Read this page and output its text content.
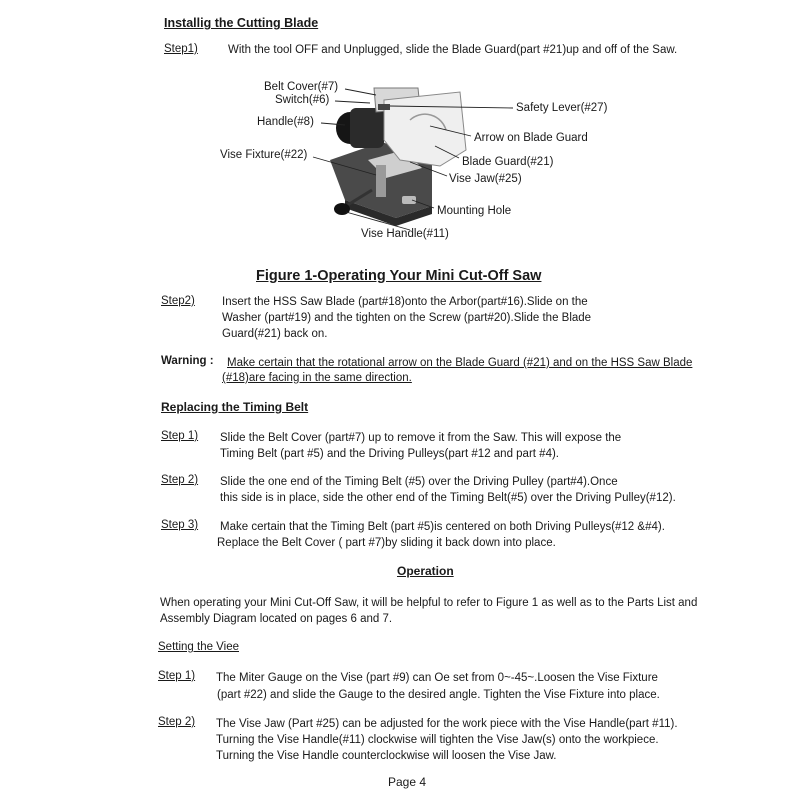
Installig the Cutting Blade
Step1)	With the tool OFF and Unplugged, slide the Blade Guard(part #21)up and off of the Saw.
Belt Cover(#7)
Switch(#6)
Handle(#8)
Vise Fixture(#22)
Safety Lever(#27)
Arrow on Blade Guard
Blade Guard(#21)
Vise Jaw(#25)
Mounting Hole
Vise Handle(#11)
Figure 1-Operating Your Mini Cut-Off Saw
Step2) Insert the HSS Saw Blade (part#18)onto the Arbor(part#16).Slide on the
Washer (part#19) and the tighten on the Screw (part#20).Slide the Blade
Guard(#21) back on.
Warning : Make certain that the rotational arrow on the Blade Guard (#21) and on the HSS Saw Blade
(#18)are facing in the same direction.
Replacing the Timing Belt
Step 1) Slide the Belt Cover (part#7) up to remove it from the Saw. This will expose the
Timing Belt (part #5) and the Driving Pulleys(part #12 and part #4).
Step 2) Slide the one end of the Timing Belt (#5) over the Driving Pulley (part#4).Once
this side is in place, side the other end of the Timing Belt(#5) over the Driving Pulley(#12).
Step 3) Make certain that the Timing Belt (part #5)is centered on both Driving Pulleys(#12 &#4).
Replace the Belt Cover ( part #7)by sliding it back down into place.
Operation
When operating your Mini Cut-Off Saw, it will be helpful to refer to Figure 1 as well as to the Parts List and
Assembly Diagram located on pages 6 and 7.
Setting the Viee
Step 1) The Miter Gauge on the Vise (part #9) can Oe set from 0~-45~.Loosen the Vise Fixture
(part #22) and slide the Gauge to the desired angle. Tighten the Vise Fixture into place.
Step 2) The Vise Jaw (Part #25) can be adjusted for the work piece with the Vise Handle(part #11).
Turning the Vise Handle(#11) clockwise will tighten the Vise Jaw(s) onto the workpiece.
Turning the Vise Handle counterclockwise will loosen the Vise Jaw.
Page 4
